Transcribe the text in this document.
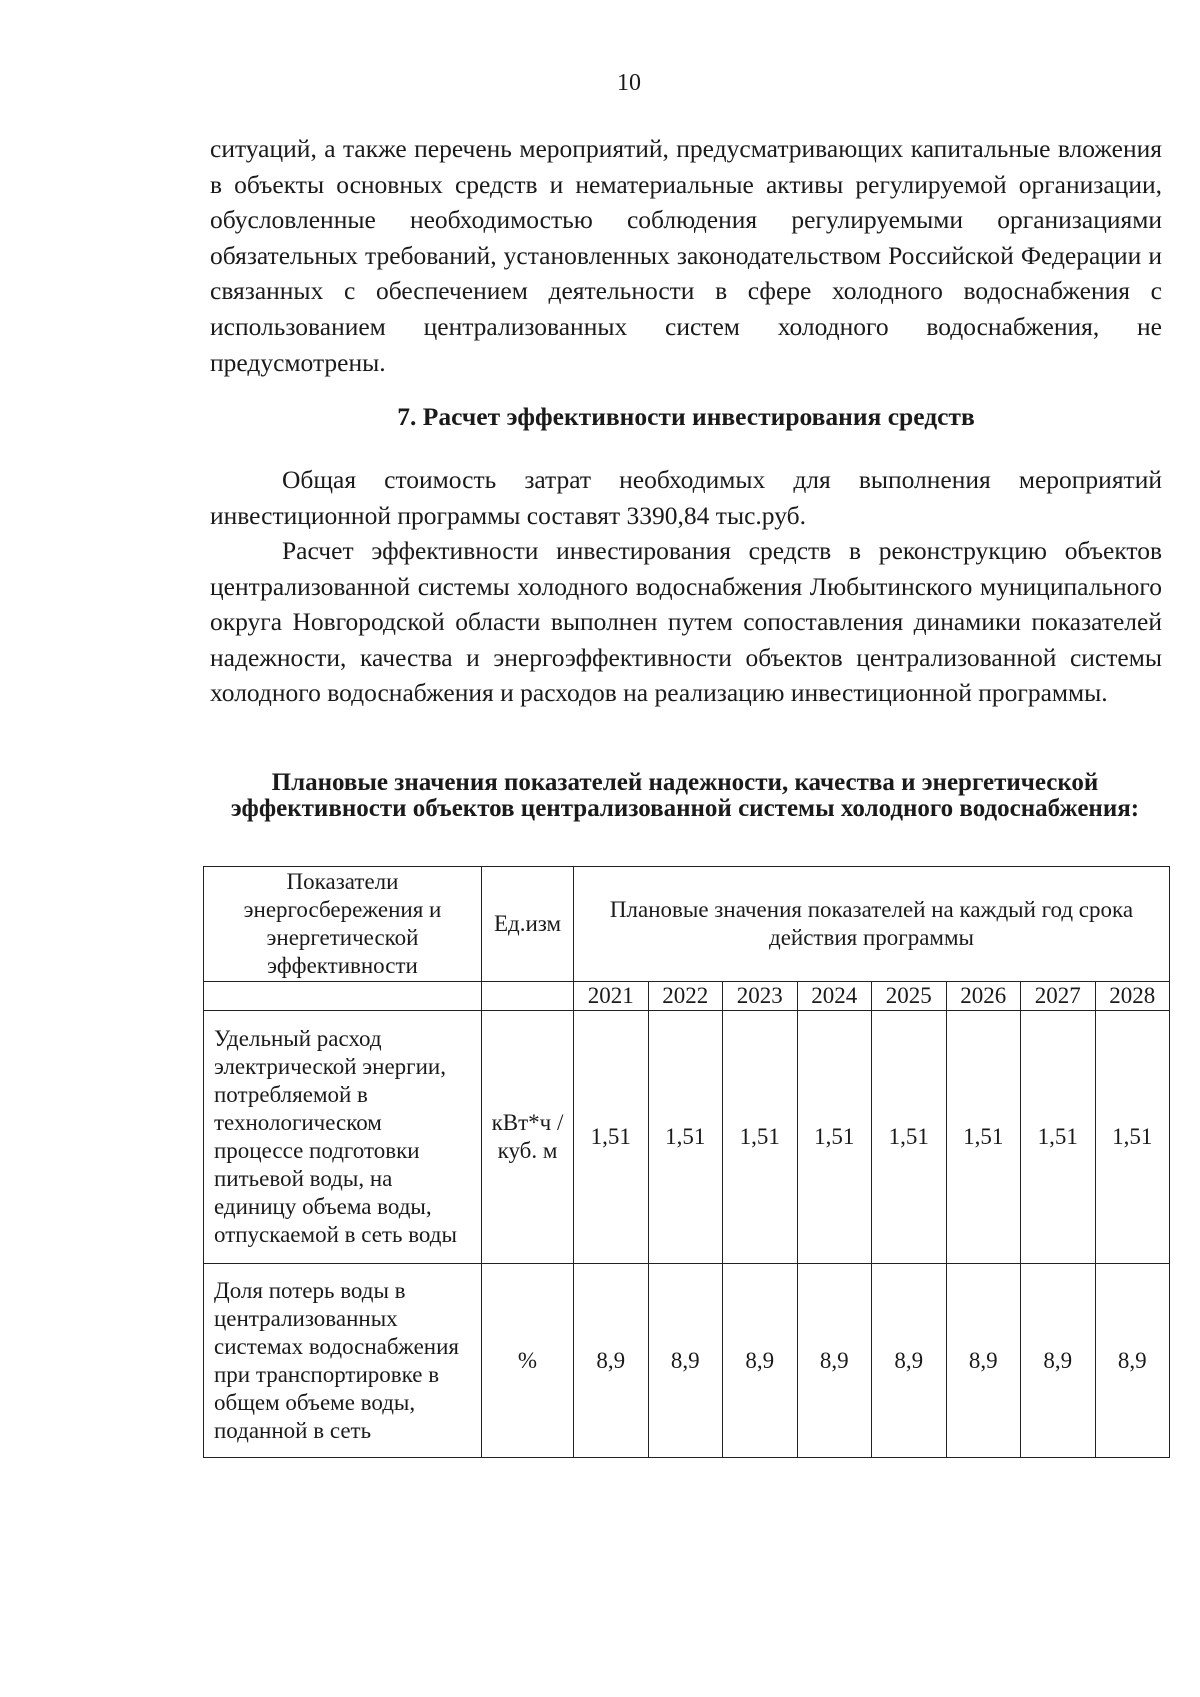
10
ситуаций, а также перечень мероприятий, предусматривающих капитальные вложения в объекты основных средств и нематериальные активы регулируемой организации, обусловленные необходимостью соблюдения регулируемыми организациями обязательных требований, установленных законодательством Российской Федерации и связанных с обеспечением деятельности в сфере холодного водоснабжения с использованием централизованных систем холодного водоснабжения, не предусмотрены.
7. Расчет эффективности инвестирования средств
Общая стоимость затрат необходимых для выполнения мероприятий инвестиционной программы составят 3390,84 тыс.руб.
Расчет эффективности инвестирования средств в реконструкцию объектов централизованной системы холодного водоснабжения Любытинского муниципального округа Новгородской области выполнен путем сопоставления динамики показателей надежности, качества и энергоэффективности объектов централизованной системы холодного водоснабжения и расходов на реализацию инвестиционной программы.
Плановые значения показателей надежности, качества и энергетической эффективности объектов централизованной системы холодного водоснабжения:
Показатели энергосбережения и энергетической эффективности	Ед.изм	Плановые значения показателей на каждый год срока действия программы							
		2021	2022	2023	2024	2025	2026	2027	2028
Удельный расход электрической энергии, потребляемой в технологическом процессе подготовки питьевой воды, на единицу объема воды, отпускаемой в сеть воды	кВт*ч /куб. м	1,51	1,51	1,51	1,51	1,51	1,51	1,51	1,51
Доля потерь воды в централизованных системах водоснабжения при транспортировке в общем объеме воды, поданной в сеть	%	8,9	8,9	8,9	8,9	8,9	8,9	8,9	8,9
